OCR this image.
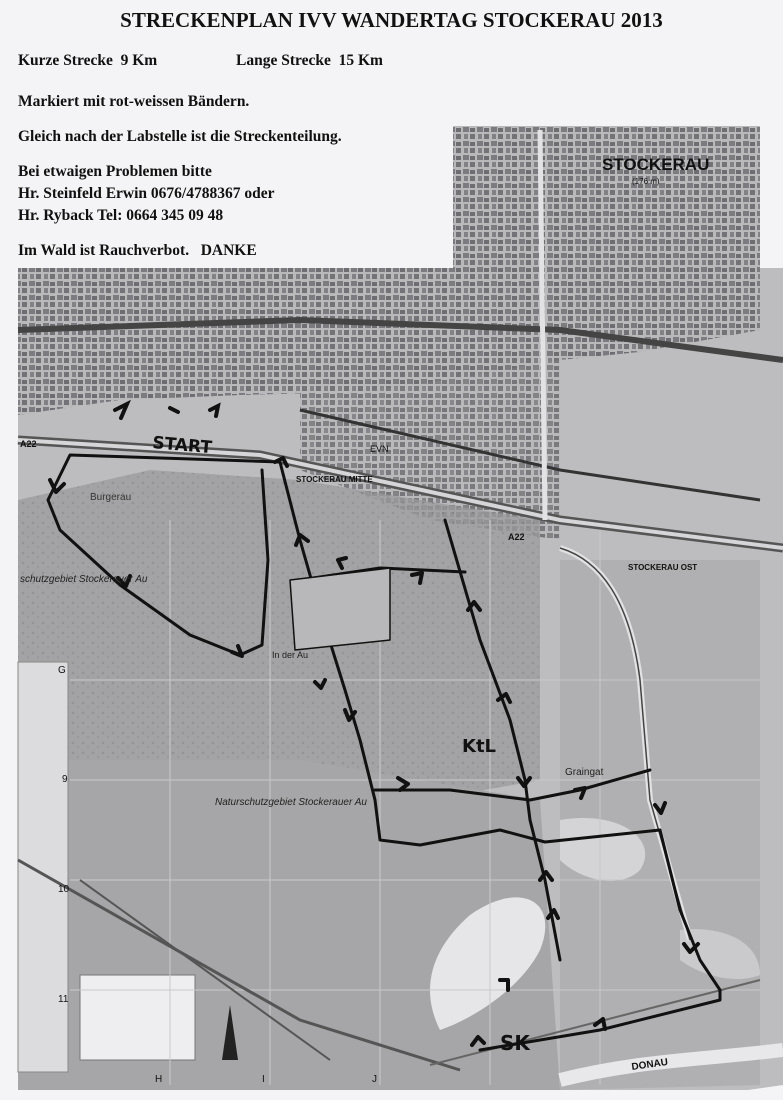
STRECKENPLAN IVV WANDERTAG STOCKERAU 2013
Kurze Strecke  9 Km	Lange Strecke  15 Km
Markiert mit rot-weissen Bändern.
Gleich nach der Labstelle ist die Streckenteilung.
Bei etwaigen Problemen bitte
Hr. Steinfeld Erwin 0676/4788367 oder
Hr. Ryback Tel: 0664 345 09 48
Im Wald ist Rauchverbot.   DANKE
STOCKERAU
(176 m)
A22
A22
EVN
STOCKERAU MITTE
STOCKERAU OST
Burgerau
schutzgebiet Stockerauer Au
Naturschutzgebiet Stockerauer Au
In der Au
Graingat
DONAU
H	I	J
9
10
11
G
START
KtL
SK
